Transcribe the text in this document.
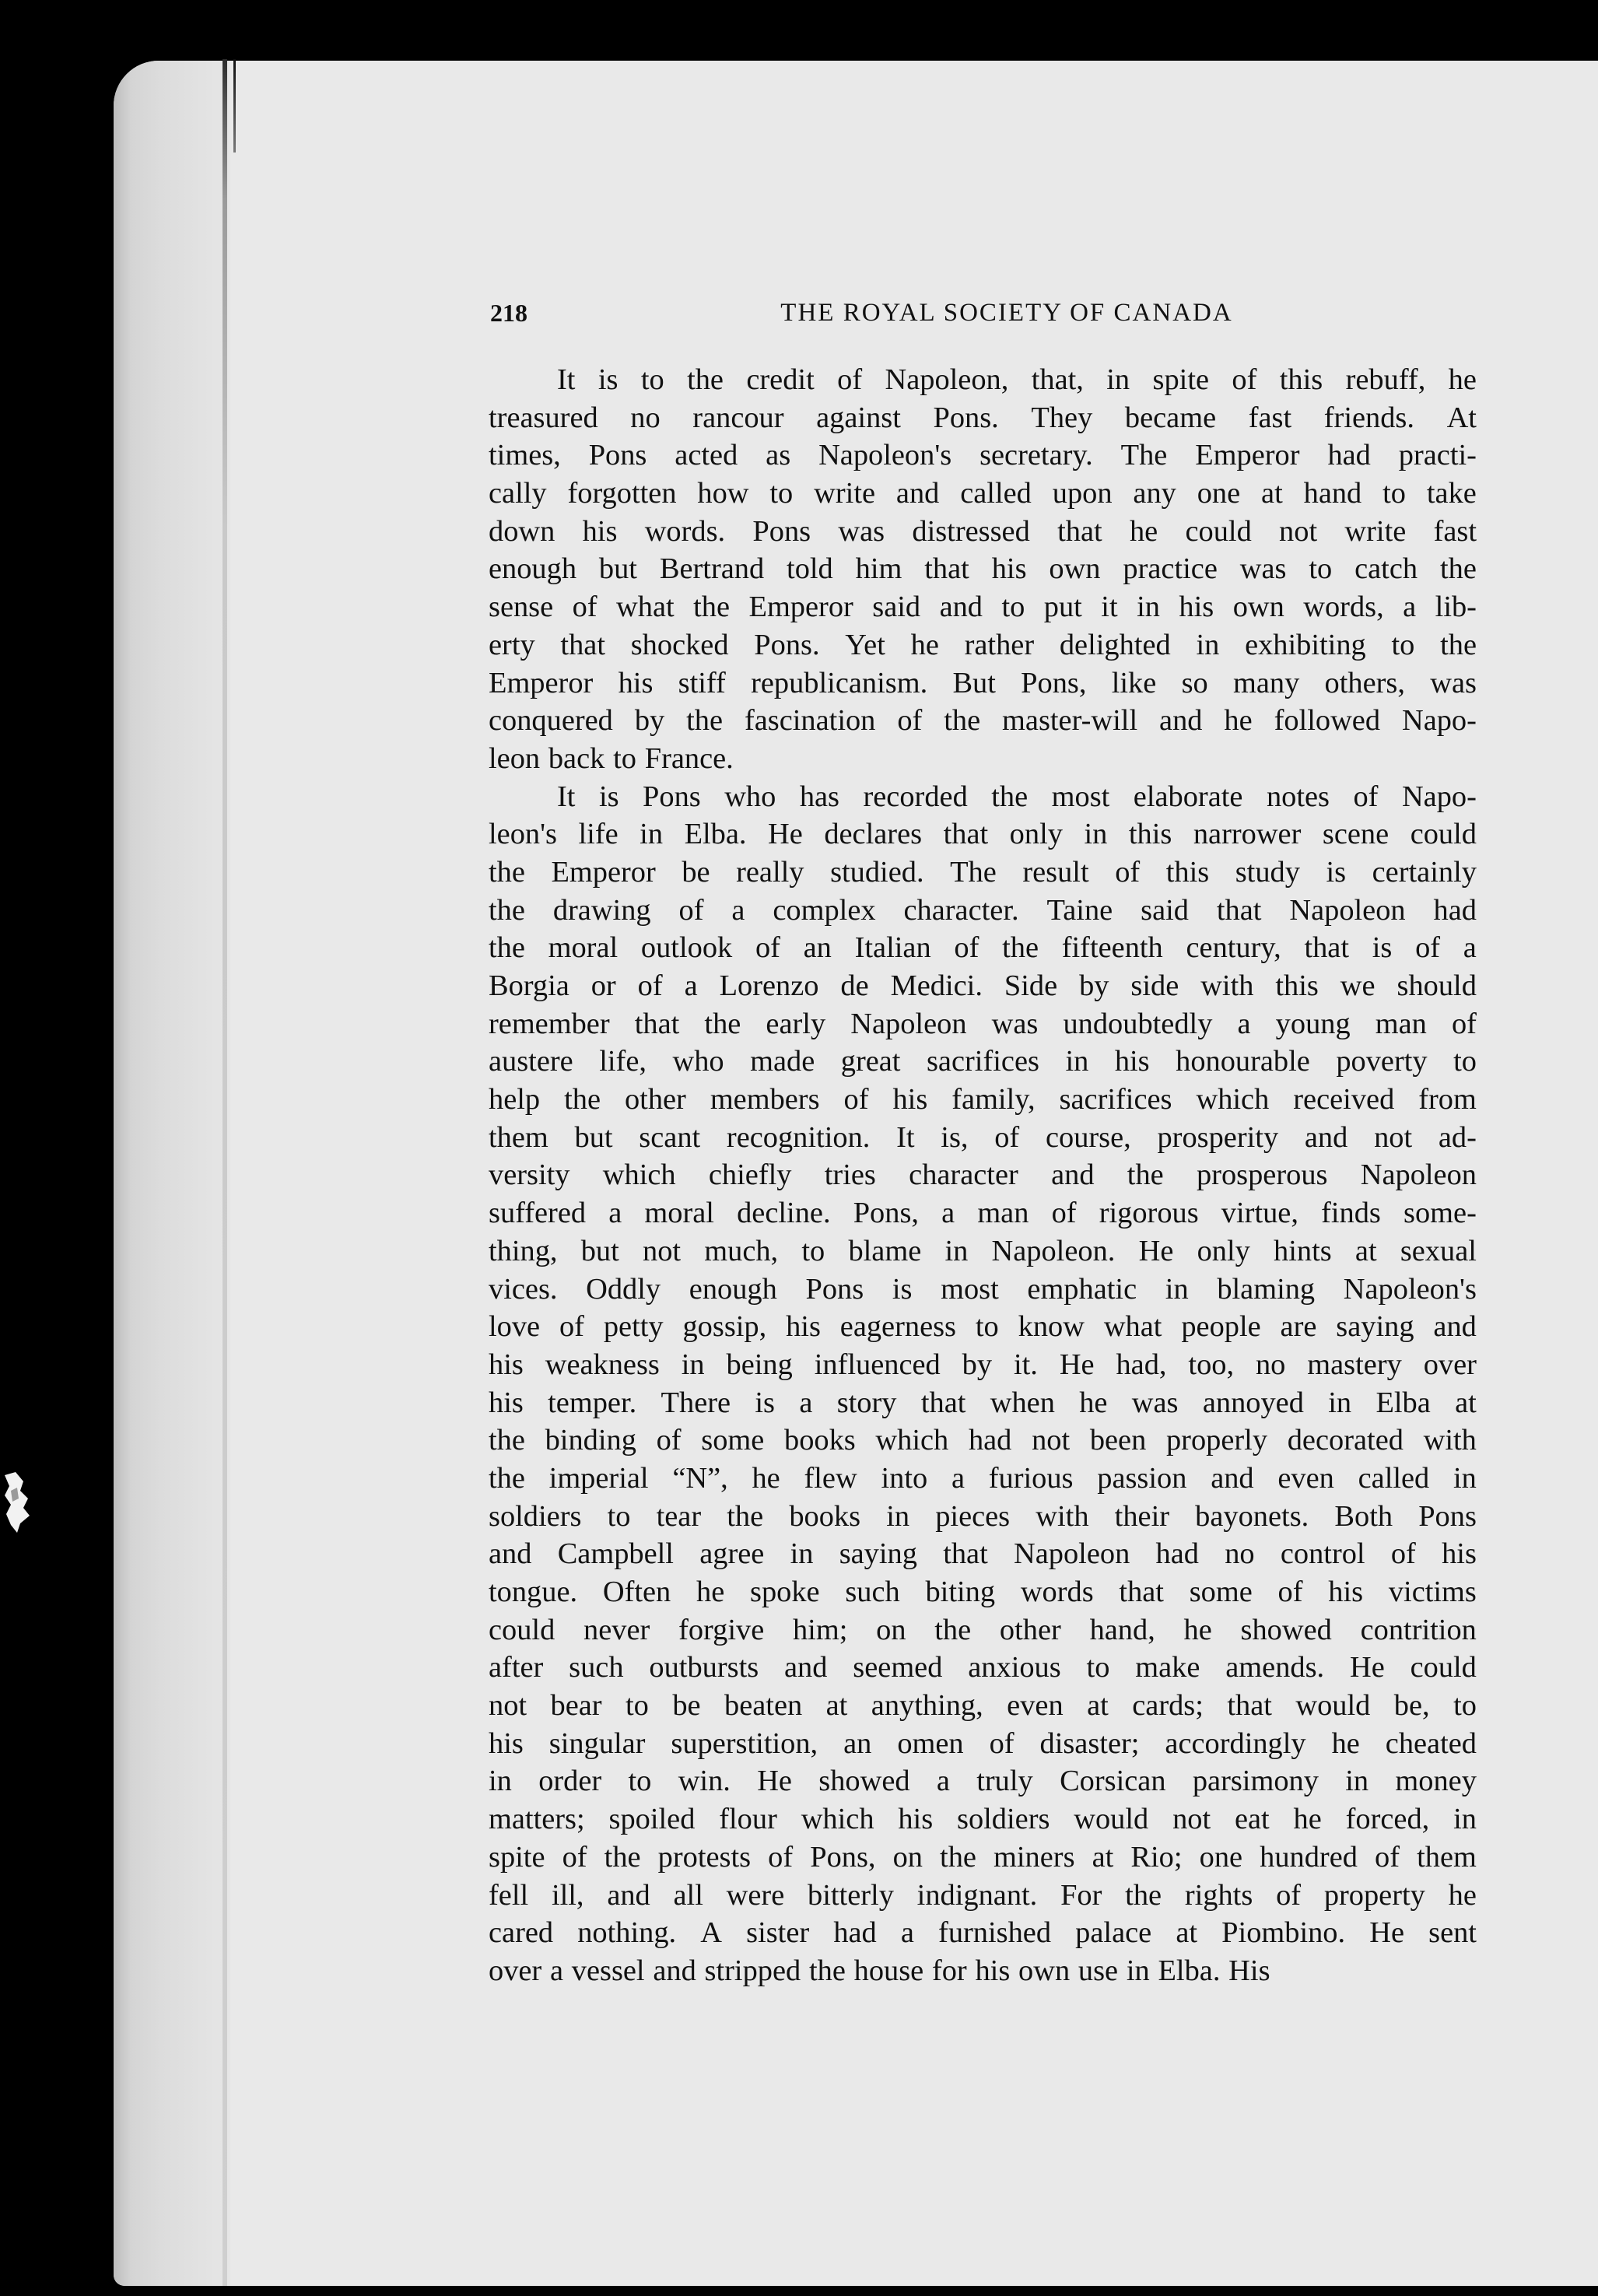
218	THE ROYAL SOCIETY OF CANADA
It is to the credit of Napoleon, that, in spite of this rebuff, he
treasured no rancour against Pons. They became fast friends. At
times, Pons acted as Napoleon's secretary. The Emperor had practi-
cally forgotten how to write and called upon any one at hand to take
down his words. Pons was distressed that he could not write fast
enough but Bertrand told him that his own practice was to catch the
sense of what the Emperor said and to put it in his own words, a lib-
erty that shocked Pons. Yet he rather delighted in exhibiting to the
Emperor his stiff republicanism. But Pons, like so many others, was
conquered by the fascination of the master-will and he followed Napo-
leon back to France.
It is Pons who has recorded the most elaborate notes of Napo-
leon's life in Elba. He declares that only in this narrower scene could
the Emperor be really studied. The result of this study is certainly
the drawing of a complex character. Taine said that Napoleon had
the moral outlook of an Italian of the fifteenth century, that is of a
Borgia or of a Lorenzo de Medici. Side by side with this we should
remember that the early Napoleon was undoubtedly a young man of
austere life, who made great sacrifices in his honourable poverty to
help the other members of his family, sacrifices which received from
them but scant recognition. It is, of course, prosperity and not ad-
versity which chiefly tries character and the prosperous Napoleon
suffered a moral decline. Pons, a man of rigorous virtue, finds some-
thing, but not much, to blame in Napoleon. He only hints at sexual
vices. Oddly enough Pons is most emphatic in blaming Napoleon's
love of petty gossip, his eagerness to know what people are saying and
his weakness in being influenced by it. He had, too, no mastery over
his temper. There is a story that when he was annoyed in Elba at
the binding of some books which had not been properly decorated with
the imperial “N”, he flew into a furious passion and even called in
soldiers to tear the books in pieces with their bayonets. Both Pons
and Campbell agree in saying that Napoleon had no control of his
tongue. Often he spoke such biting words that some of his victims
could never forgive him; on the other hand, he showed contrition
after such outbursts and seemed anxious to make amends. He could
not bear to be beaten at anything, even at cards; that would be, to
his singular superstition, an omen of disaster; accordingly he cheated
in order to win. He showed a truly Corsican parsimony in money
matters; spoiled flour which his soldiers would not eat he forced, in
spite of the protests of Pons, on the miners at Rio; one hundred of them
fell ill, and all were bitterly indignant. For the rights of property he
cared nothing. A sister had a furnished palace at Piombino. He sent
over a vessel and stripped the house for his own use in Elba. His
